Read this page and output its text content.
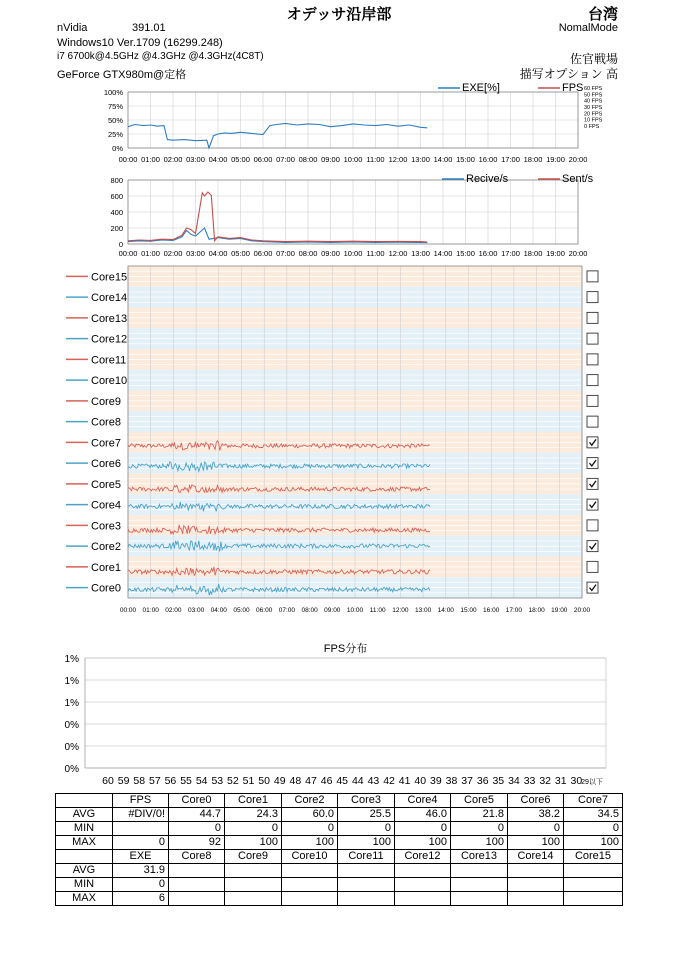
オデッサ沿岸部	台湾
NomalMode
佐官戦場
描写オプション 高
nVidia	391.01
Windows10 Ver.1709 (16299.248)
i7 6700k@4.5GHz @4.3GHz @4.3GHz(4C8T)
GeForce GTX980m@定格
100%
75%
50%
25%
0%
00:00 01:00 02:00 03:00 04:00 05:00 06:00 07:00 08:00 09:00 10:00 11:00 12:00 13:00 14:00 15:00 16:00 17:00 18:00 19:00 20:00
60 FPS
50 FPS
40 FPS
30 FPS
20 FPS
10 FPS
0 FPS
EXE[%]	FPS
800
600
400
200
0
00:00 01:00 02:00 03:00 04:00 05:00 06:00 07:00 08:00 09:00 10:00 11:00 12:00 13:00 14:00 15:00 16:00 17:00 18:00 19:00 20:00
Recive/s	Sent/s
00:00 01:00 02:00 03:00 04:00 05:00 06:00 07:00 08:00 09:00 10:00 11:00 12:00 13:00 14:00 15:00 16:00 17:00 18:00 19:00 20:00
Core15
Core14
Core13
Core12
Core11
Core10
Core9
Core8
Core7
Core6
Core5
Core4
Core3
Core2
Core1
Core0
FPS分布
1%
1%
1%
0%
0%
0%
60 59 58 57 56 55 54 53 52 51 50 49 48 47 46 45 44 43 42 41 40 39 38 37 36 35 34 33 32 31 30
29以下
	FPS	Core0	Core1	Core2	Core3	Core4	Core5	Core6	Core7
AVG	#DIV/0!	44.7	24.3	60.0	25.5	46.0	21.8	38.2	34.5
MIN		0	0	0	0	0	0	0	0
MAX	0	92	100	100	100	100	100	100	100
	EXE	Core8	Core9	Core10	Core11	Core12	Core13	Core14	Core15
AVG	31.9								
MIN	0								
MAX	6								
